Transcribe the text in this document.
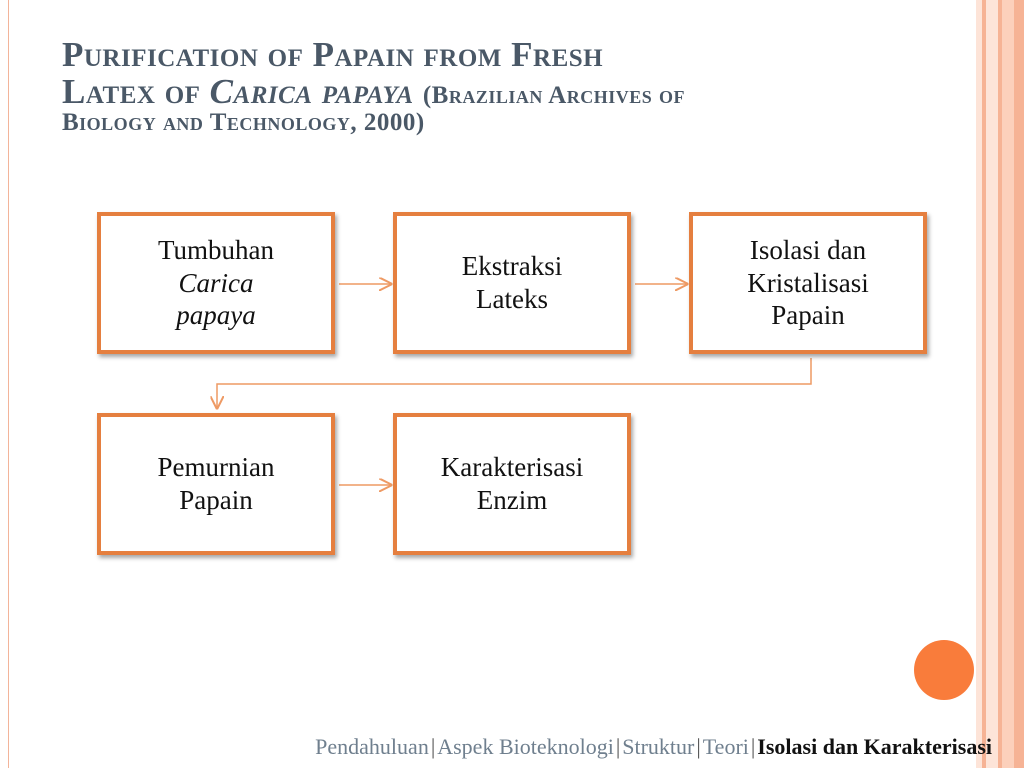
Purification of Papain from Fresh
Latex of Carica papaya (Brazilian Archives of
Biology and Technology, 2000)
Tumbuhan
Carica
papaya
Ekstraksi
Lateks
Isolasi dan
Kristalisasi
Papain
Pemurnian
Papain
Karakterisasi
Enzim
Pendahuluan|Aspek Bioteknologi|Struktur|Teori|Isolasi dan Karakterisasi
